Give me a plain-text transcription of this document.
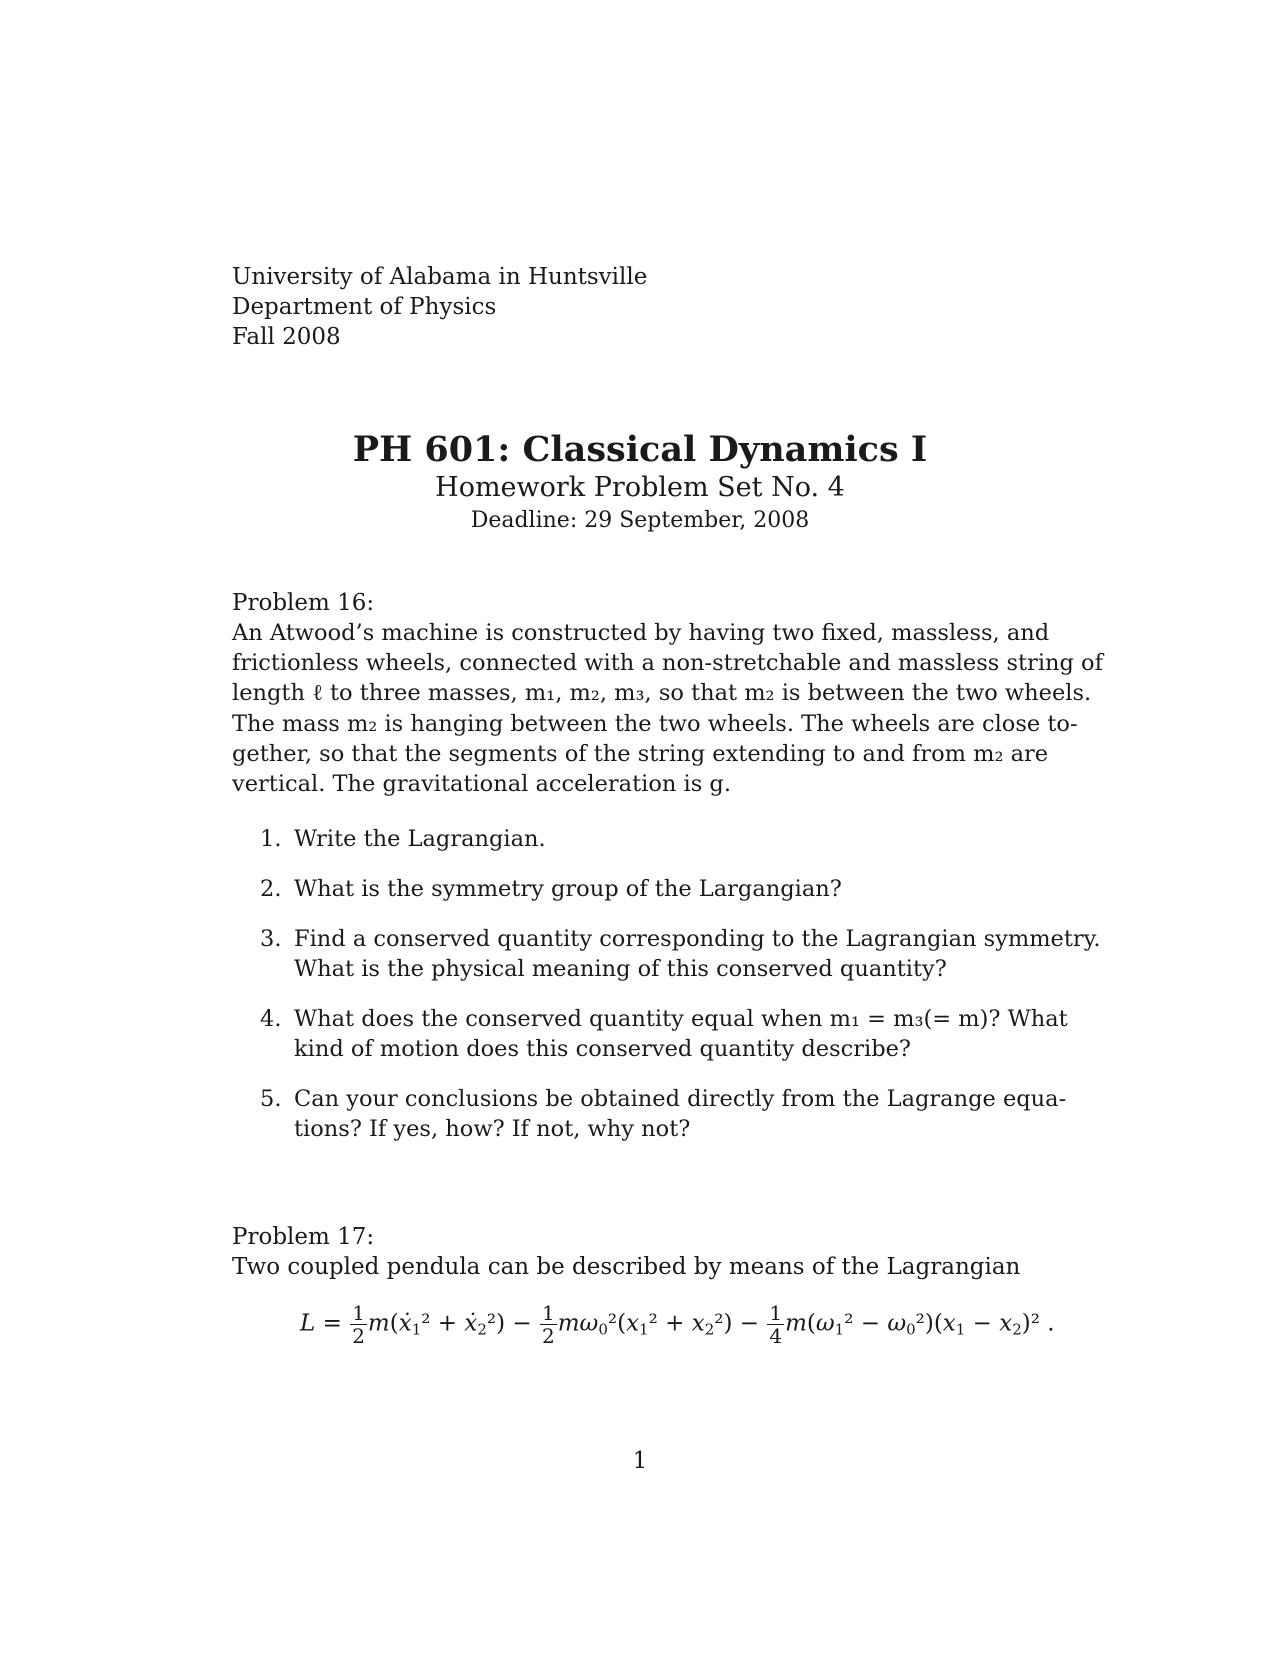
University of Alabama in Huntsville
Department of Physics
Fall 2008
PH 601: Classical Dynamics I
Homework Problem Set No. 4
Deadline: 29 September, 2008
Problem 16:
An Atwood’s machine is constructed by having two fixed, massless, and
frictionless wheels, connected with a non-stretchable and massless string of
length ℓ to three masses, m₁, m₂, m₃, so that m₂ is between the two wheels.
The mass m₂ is hanging between the two wheels. The wheels are close to-
gether, so that the segments of the string extending to and from m₂ are
vertical. The gravitational acceleration is g.
1. Write the Lagrangian.
2. What is the symmetry group of the Largangian?
3. Find a conserved quantity corresponding to the Lagrangian symmetry.
What is the physical meaning of this conserved quantity?
4. What does the conserved quantity equal when m₁ = m₃(= m)? What
kind of motion does this conserved quantity describe?
5. Can your conclusions be obtained directly from the Lagrange equa-
tions? If yes, how? If not, why not?
Problem 17:
Two coupled pendula can be described by means of the Lagrangian
$L = \frac{1}{2}$ m(ẋ$_1$² + ẋ$_2$²) − $\frac{1}{2} m\omega_0^2(x_1^2 + x_2^2) - \frac{1}{4} m(\omega_1^2 - \omega_0^2)(x_1 - x_2)^2$ .
1
